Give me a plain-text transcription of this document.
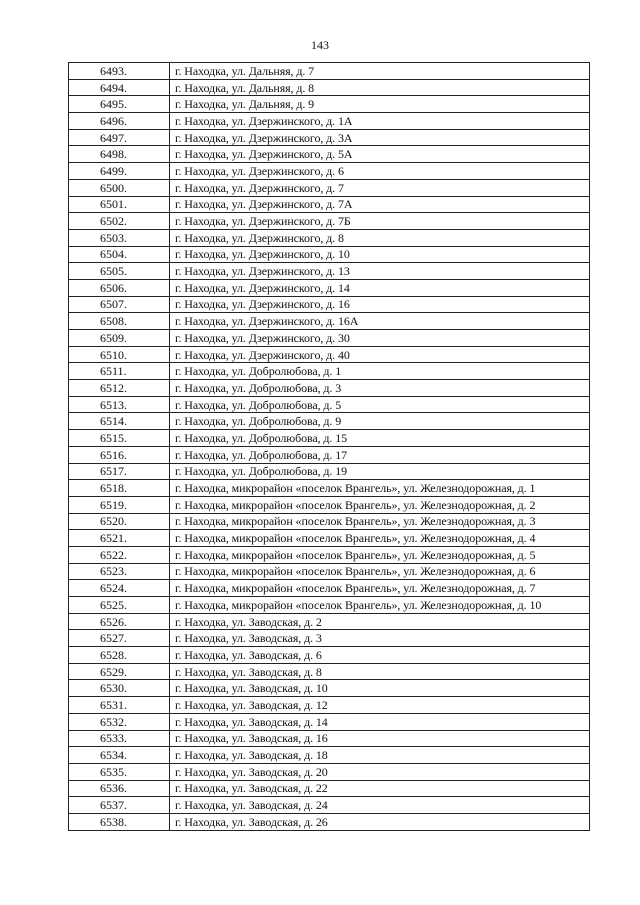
143
6493.	г. Находка, ул. Дальняя, д. 7
6494.	г. Находка, ул. Дальняя, д. 8
6495.	г. Находка, ул. Дальняя, д. 9
6496.	г. Находка, ул. Дзержинского, д. 1А
6497.	г. Находка, ул. Дзержинского, д. 3А
6498.	г. Находка, ул. Дзержинского, д. 5А
6499.	г. Находка, ул. Дзержинского, д. 6
6500.	г. Находка, ул. Дзержинского, д. 7
6501.	г. Находка, ул. Дзержинского, д. 7А
6502.	г. Находка, ул. Дзержинского, д. 7Б
6503.	г. Находка, ул. Дзержинского, д. 8
6504.	г. Находка, ул. Дзержинского, д. 10
6505.	г. Находка, ул. Дзержинского, д. 13
6506.	г. Находка, ул. Дзержинского, д. 14
6507.	г. Находка, ул. Дзержинского, д. 16
6508.	г. Находка, ул. Дзержинского, д. 16А
6509.	г. Находка, ул. Дзержинского, д. 30
6510.	г. Находка, ул. Дзержинского, д. 40
6511.	г. Находка, ул. Добролюбова, д. 1
6512.	г. Находка, ул. Добролюбова, д. 3
6513.	г. Находка, ул. Добролюбова, д. 5
6514.	г. Находка, ул. Добролюбова, д. 9
6515.	г. Находка, ул. Добролюбова, д. 15
6516.	г. Находка, ул. Добролюбова, д. 17
6517.	г. Находка, ул. Добролюбова, д. 19
6518.	г. Находка, микрорайон «поселок Врангель», ул. Железнодорожная, д. 1
6519.	г. Находка, микрорайон «поселок Врангель», ул. Железнодорожная, д. 2
6520.	г. Находка, микрорайон «поселок Врангель», ул. Железнодорожная, д. 3
6521.	г. Находка, микрорайон «поселок Врангель», ул. Железнодорожная, д. 4
6522.	г. Находка, микрорайон «поселок Врангель», ул. Железнодорожная, д. 5
6523.	г. Находка, микрорайон «поселок Врангель», ул. Железнодорожная, д. 6
6524.	г. Находка, микрорайон «поселок Врангель», ул. Железнодорожная, д. 7
6525.	г. Находка, микрорайон «поселок Врангель», ул. Железнодорожная, д. 10
6526.	г. Находка, ул. Заводская, д. 2
6527.	г. Находка, ул. Заводская, д. 3
6528.	г. Находка, ул. Заводская, д. 6
6529.	г. Находка, ул. Заводская, д. 8
6530.	г. Находка, ул. Заводская, д. 10
6531.	г. Находка, ул. Заводская, д. 12
6532.	г. Находка, ул. Заводская, д. 14
6533.	г. Находка, ул. Заводская, д. 16
6534.	г. Находка, ул. Заводская, д. 18
6535.	г. Находка, ул. Заводская, д. 20
6536.	г. Находка, ул. Заводская, д. 22
6537.	г. Находка, ул. Заводская, д. 24
6538.	г. Находка, ул. Заводская, д. 26
